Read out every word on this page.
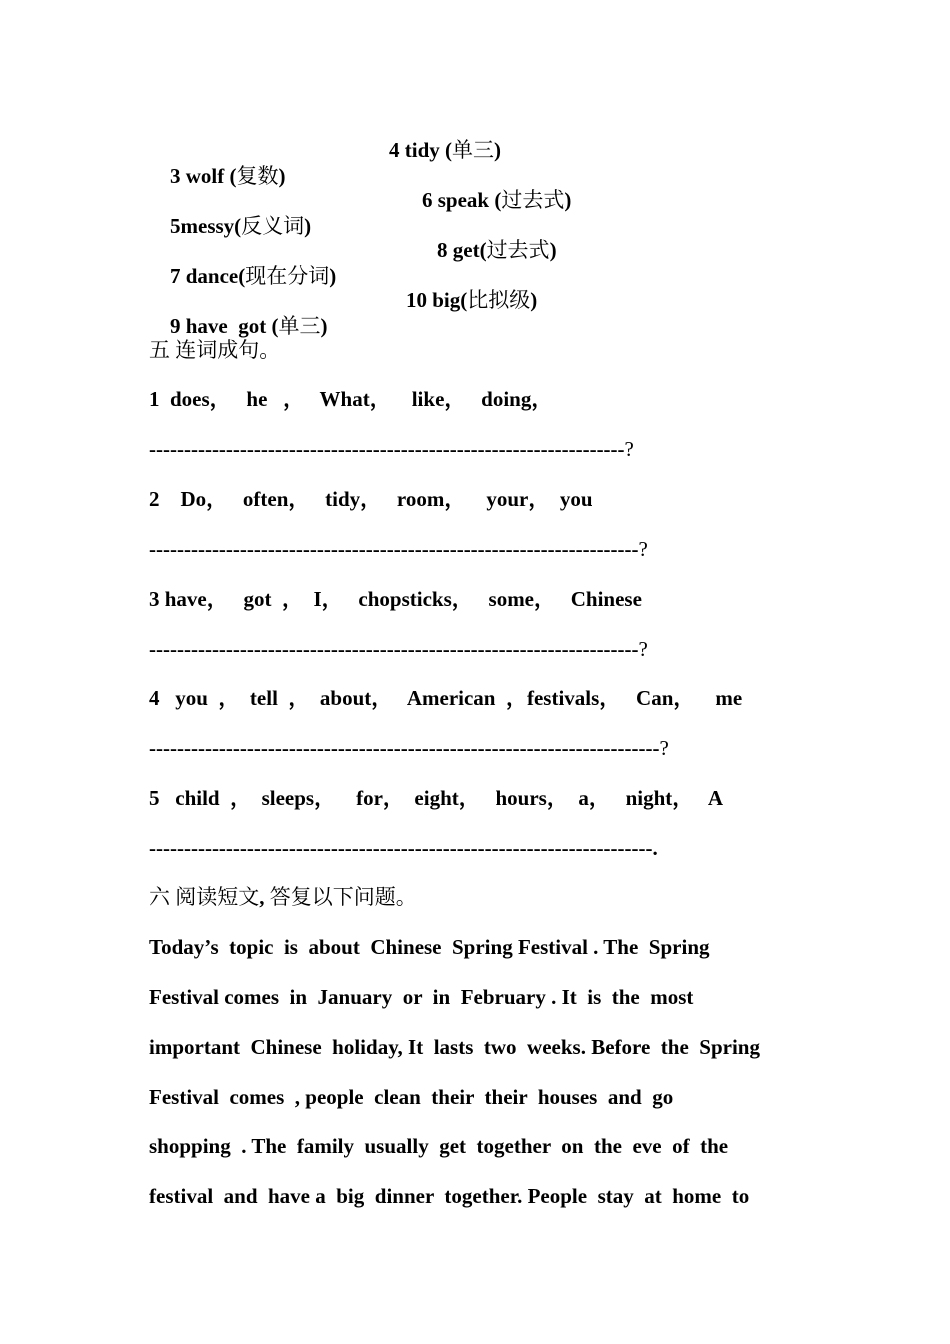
3 wolf (复数)

4 tidy (单三)

5messy(反义词)

6 speak (过去式)

7 dance(现在分词)

8 get(过去式)

9 have  got (单三)

10 big(比拟级)

五 连词成句。
1  does，   he   ，   What，    like，   doing，
--------------------------------------------------------------------?
2    Do，   often，   tidy，   room，    your，  you
----------------------------------------------------------------------?
3 have，   got  ，  I，   chopsticks，   some，   Chinese
----------------------------------------------------------------------?
4   you  ，  tell  ，  about，   American  ，festivals，   Can，    me
-------------------------------------------------------------------------?
5   child  ，  sleeps，    for，  eight，   hours，  a，   night，   A
------------------------------------------------------------------------.
六 阅读短文, 答复以下问题。
Today’s  topic  is  about  Chinese  Spring Festival . The  Spring
Festival comes  in  January  or  in  February . It  is  the  most
important  Chinese  holiday, It  lasts  two  weeks. Before  the  Spring
Festival  comes  , people  clean  their  their  houses  and  go
shopping  . The  family  usually  get  together  on  the  eve  of  the
festival  and  have a  big  dinner  together. People  stay  at  home  to
